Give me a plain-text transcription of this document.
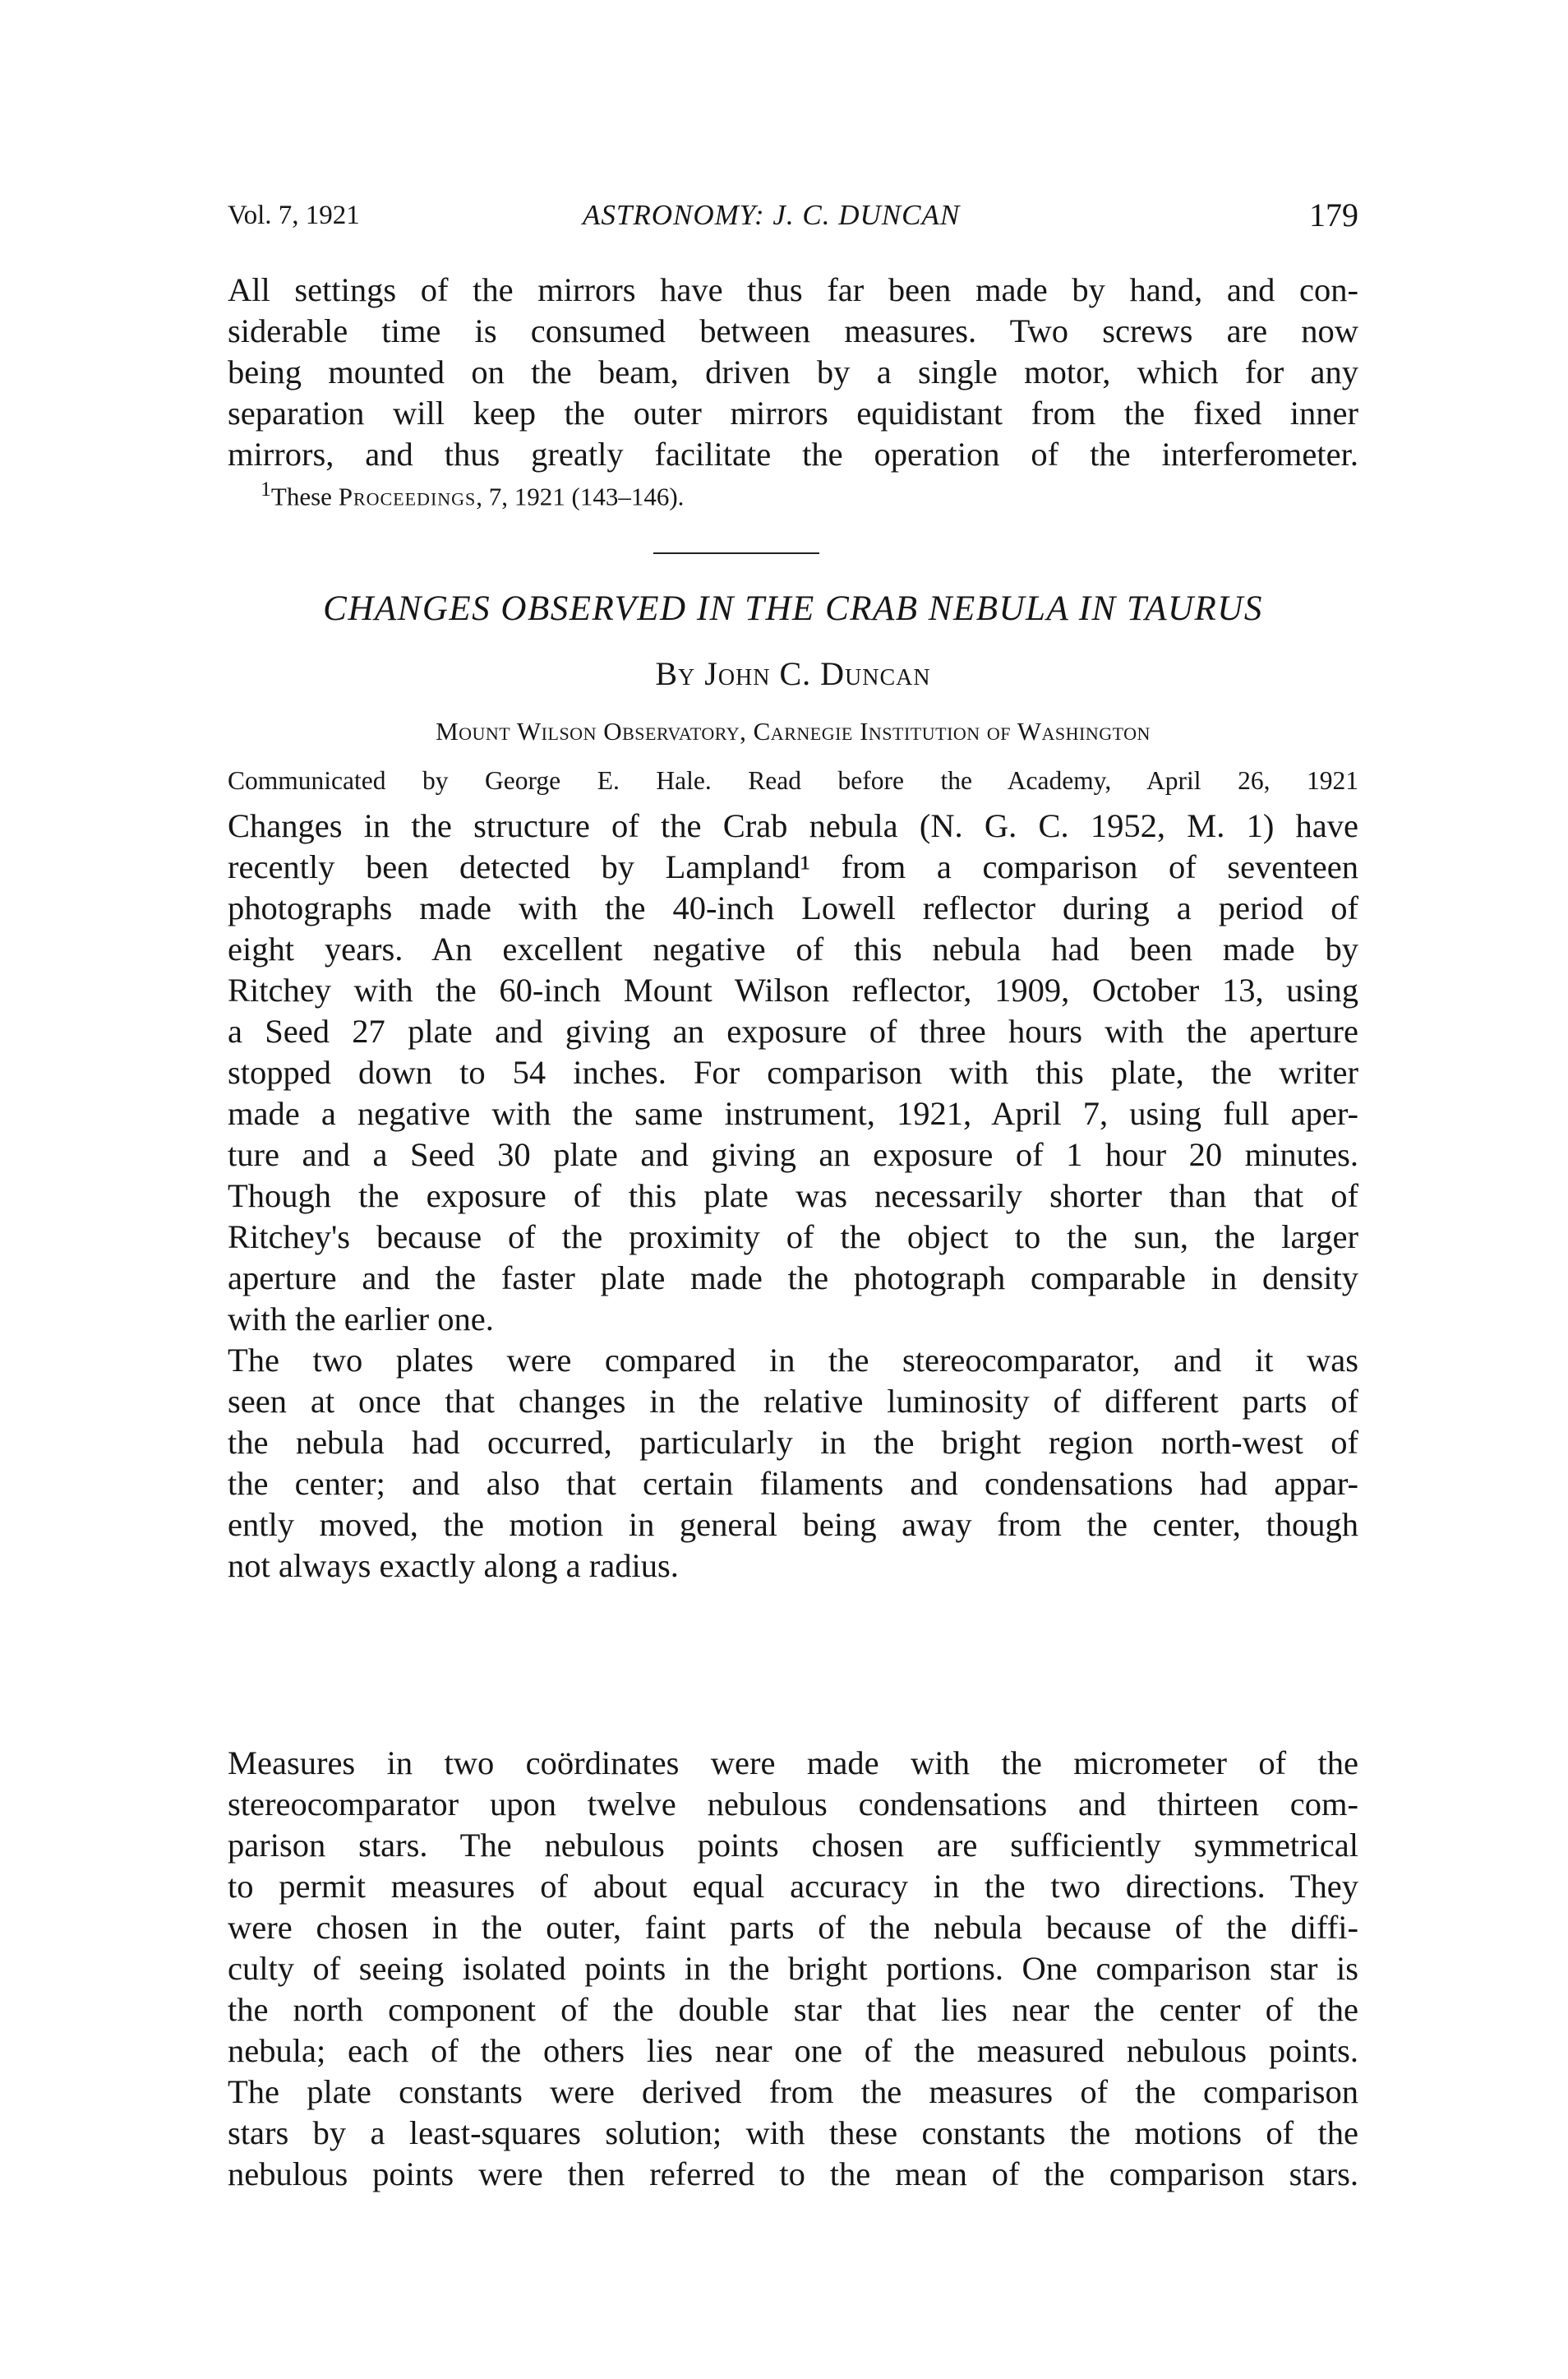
Vol. 7, 1921	ASTRONOMY: J. C. DUNCAN	179
All settings of the mirrors have thus far been made by hand, and con-
siderable time is consumed between measures. Two screws are now
being mounted on the beam, driven by a single motor, which for any
separation will keep the outer mirrors equidistant from the fixed inner
mirrors, and thus greatly facilitate the operation of the interferometer.
$^1$These Proceedings, 7, 1921 (143–146).
CHANGES OBSERVED IN THE CRAB NEBULA IN TAURUS
By John C. Duncan
Mount Wilson Observatory, Carnegie Institution of Washington
Communicated by George E. Hale. Read before the Academy, April 26, 1921
Changes in the structure of the Crab nebula (N. G. C. 1952, M. 1) have
recently been detected by Lampland¹ from a comparison of seventeen
photographs made with the 40-inch Lowell reflector during a period of
eight years. An excellent negative of this nebula had been made by
Ritchey with the 60-inch Mount Wilson reflector, 1909, October 13, using
a Seed 27 plate and giving an exposure of three hours with the aperture
stopped down to 54 inches. For comparison with this plate, the writer
made a negative with the same instrument, 1921, April 7, using full aper-
ture and a Seed 30 plate and giving an exposure of 1 hour 20 minutes.
Though the exposure of this plate was necessarily shorter than that of
Ritchey's because of the proximity of the object to the sun, the larger
aperture and the faster plate made the photograph comparable in density
with the earlier one.
The two plates were compared in the stereocomparator, and it was
seen at once that changes in the relative luminosity of different parts of
the nebula had occurred, particularly in the bright region north-west of
the center; and also that certain filaments and condensations had appar-
ently moved, the motion in general being away from the center, though
not always exactly along a radius.
Measures in two coördinates were made with the micrometer of the
stereocomparator upon twelve nebulous condensations and thirteen com-
parison stars. The nebulous points chosen are sufficiently symmetrical
to permit measures of about equal accuracy in the two directions. They
were chosen in the outer, faint parts of the nebula because of the diffi-
culty of seeing isolated points in the bright portions. One comparison star is
the north component of the double star that lies near the center of the
nebula; each of the others lies near one of the measured nebulous points.
The plate constants were derived from the measures of the comparison
stars by a least-squares solution; with these constants the motions of the
nebulous points were then referred to the mean of the comparison stars.
